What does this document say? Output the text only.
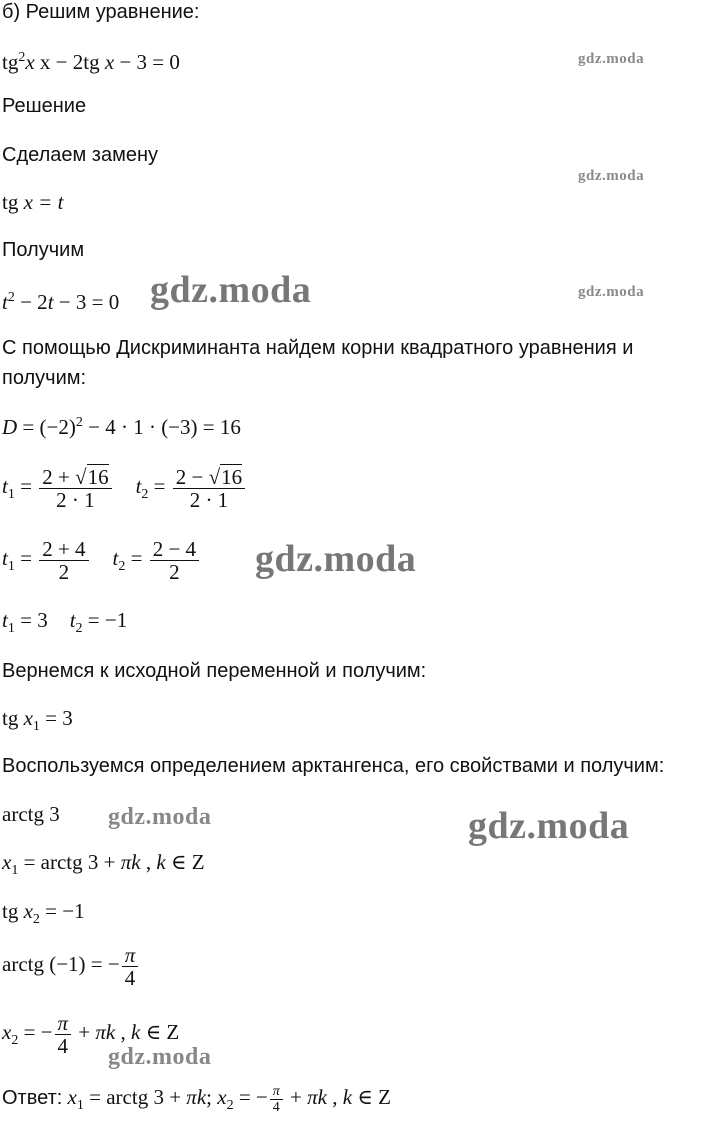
б) Решим уравнение:
$tg^2x$ x − 2tg x − 3 = 0
Решение
Сделаем замену
tg x = t
Получим
$t^2 - 2t - 3 = 0$
С помощью Дискриминанта найдем корни квадратного уравнения и
получим:
$D = (-2)^2 - 4 \cdot 1 \cdot (-3) = 16$
$t_1 = \frac{2 + √16}{2 \cdot 1} t_2 = \frac{2 - √16}{2 \cdot 1}$
$t_1 = \frac{2 + 4}{2} t_2 = \frac{2 - 4}{2}$
$t_1 = 3$ $t_2 = -1$
Вернемся к исходной переменной и получим:
tg $x_1 = 3$
Воспользуемся определением арктангенса, его свойствами и получим:
arctg 3
$x_1$ = arctg 3 + πk , k ∈ Z
tg $x_2 = -1$
arctg (−1) = − $\frac{\pi}{4}$
$x_2$ = − $\frac{\pi}{4} + \pi k$ , k ∈ Z
Ответ: $x_1$ = arctg 3 + πk; $x_2$ = − $\frac{\pi}{4} + \pi k$ , k ∈ Z
gdz.moda
gdz.moda
gdz.moda
gdz.moda
gdz.moda
gdz.moda	gdz.moda
gdz.moda
